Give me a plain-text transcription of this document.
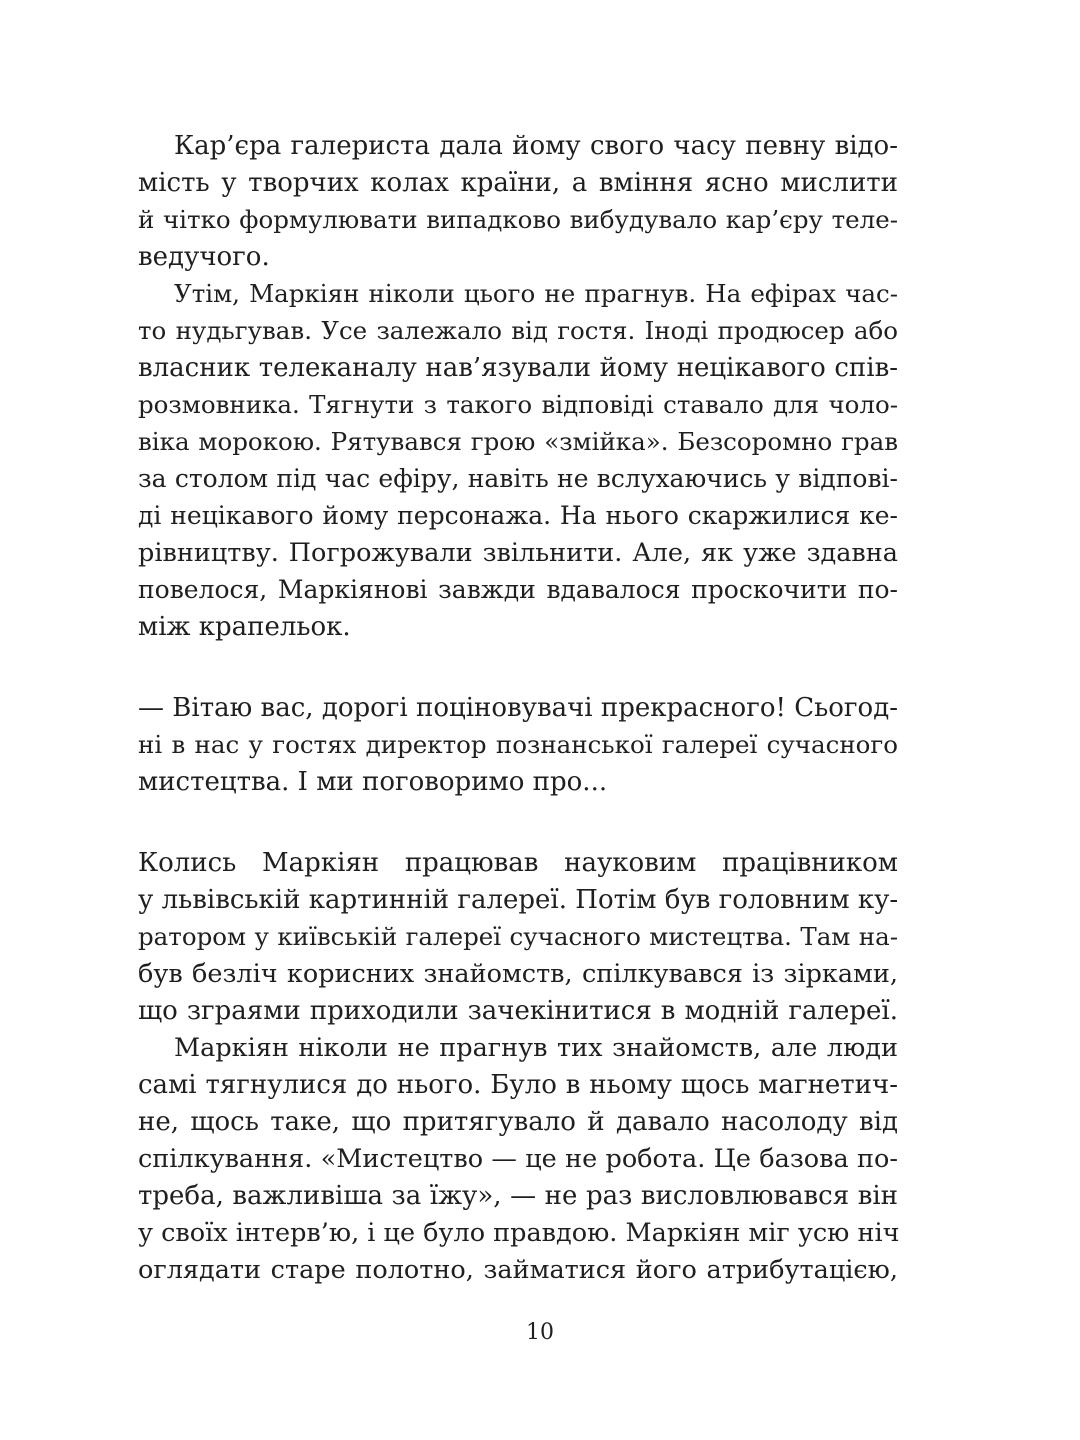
Кар’єра галериста дала йому свого часу певну відо-
мість у творчих колах країни, а вміння ясно мислити
й чітко формулювати випадково вибудувало кар’єру теле-
ведучого.
Утім, Маркіян ніколи цього не прагнув. На ефірах час-
то нудьгував. Усе залежало від гостя. Іноді продюсер або
власник телеканалу нав’язували йому нецікавого спів-
розмовника. Тягнути з такого відповіді ставало для чоло-
віка морокою. Рятувався грою «змійка». Безсоромно грав
за столом під час ефіру, навіть не вслухаючись у відпові-
ді нецікавого йому персонажа. На нього скаржилися ке-
рівництву. Погрожували звільнити. Але, як уже здавна
повелося, Маркіянові завжди вдавалося проскочити по-
між крапельок.
— Вітаю вас, дорогі поціновувачі прекрасного! Сьогод-
ні в нас у гостях директор познанської галереї сучасного
мистецтва. І ми поговоримо про...
Колись Маркіян працював науковим працівником
у львівській картинній галереї. Потім був головним ку-
ратором у київській галереї сучасного мистецтва. Там на-
був безліч корисних знайомств, спілкувався із зірками,
що зграями приходили зачекінитися в модній галереї.
Маркіян ніколи не прагнув тих знайомств, але люди
самі тягнулися до нього. Було в ньому щось магнетич-
не, щось таке, що притягувало й давало насолоду від
спілкування. «Мистецтво — це не робота. Це базова по-
треба, важливіша за їжу», — не раз висловлювався він
у своїх інтерв’ю, і це було правдою. Маркіян міг усю ніч
оглядати старе полотно, займатися його атрибутацією,
10
